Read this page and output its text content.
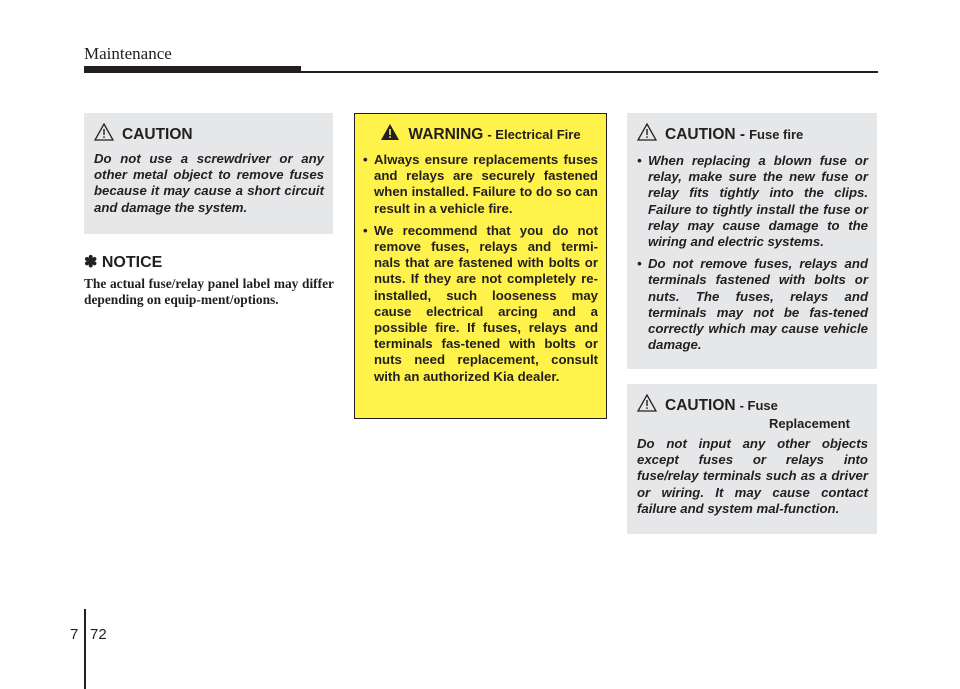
Maintenance
CAUTION
Do not use a screwdriver or any other metal object to remove fuses because it may cause a short circuit and damage the system.
✽ NOTICE
The actual fuse/relay panel label may differ depending on equip-ment/options.
WARNING - Electrical Fire
• Always ensure replacements fuses and relays are securely fastened when installed. Failure to do so can result in a vehicle fire.
• We recommend that you do not remove fuses, relays and termi-nals that are fastened with bolts or nuts. If they are not completely re-installed, such looseness may cause electrical arcing and a possible fire. If fuses, relays and terminals fas-tened with bolts or nuts need replacement, consult with an authorized Kia dealer.
CAUTION - Fuse fire
• When replacing a blown fuse or relay, make sure the new fuse or relay fits tightly into the clips. Failure to tightly install the fuse or relay may cause damage to the wiring and electric systems.
• Do not remove fuses, relays and terminals fastened with bolts or nuts. The fuses, relays and terminals may not be fas-tened correctly which may cause vehicle damage.
CAUTION - Fuse
Replacement
Do not input any other objects except fuses or relays into fuse/relay terminals such as a driver or wiring. It may cause contact failure and system mal-function.
7 72
